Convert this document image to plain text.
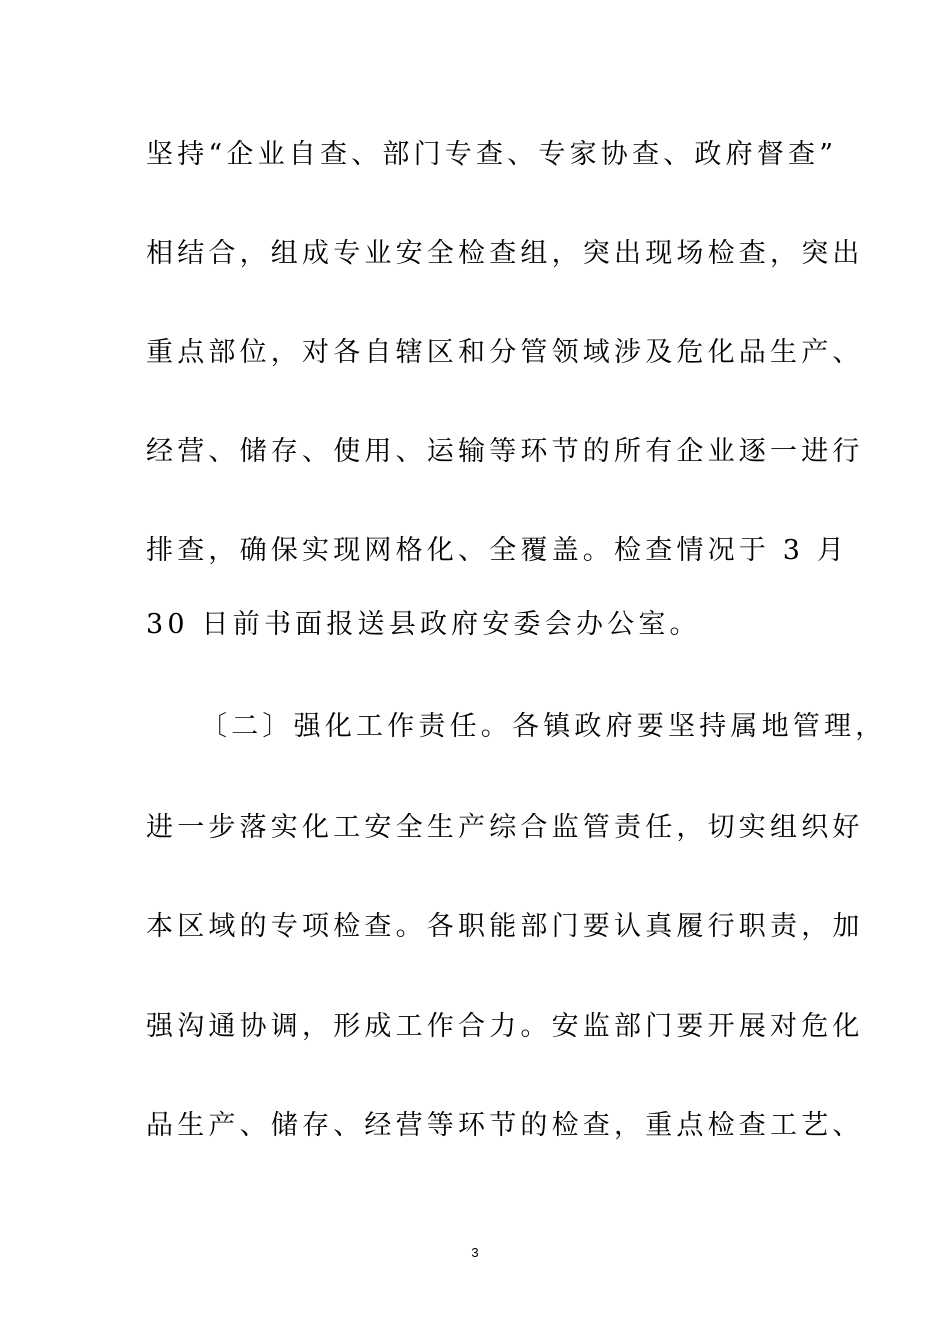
坚持“企业自查、部门专查、专家协查、政府督查”
相结合，组成专业安全检查组，突出现场检查，突出
重点部位，对各自辖区和分管领域涉及危化品生产、
经营、储存、使用、运输等环节的所有企业逐一进行
排查，确保实现网格化、全覆盖。检查情况于 3 月
30 日前书面报送县政府安委会办公室。
〔二〕强化工作责任。各镇政府要坚持属地管理，
进一步落实化工安全生产综合监管责任，切实组织好
本区域的专项检查。各职能部门要认真履行职责，加
强沟通协调，形成工作合力。安监部门要开展对危化
品生产、储存、经营等环节的检查，重点检查工艺、
3
